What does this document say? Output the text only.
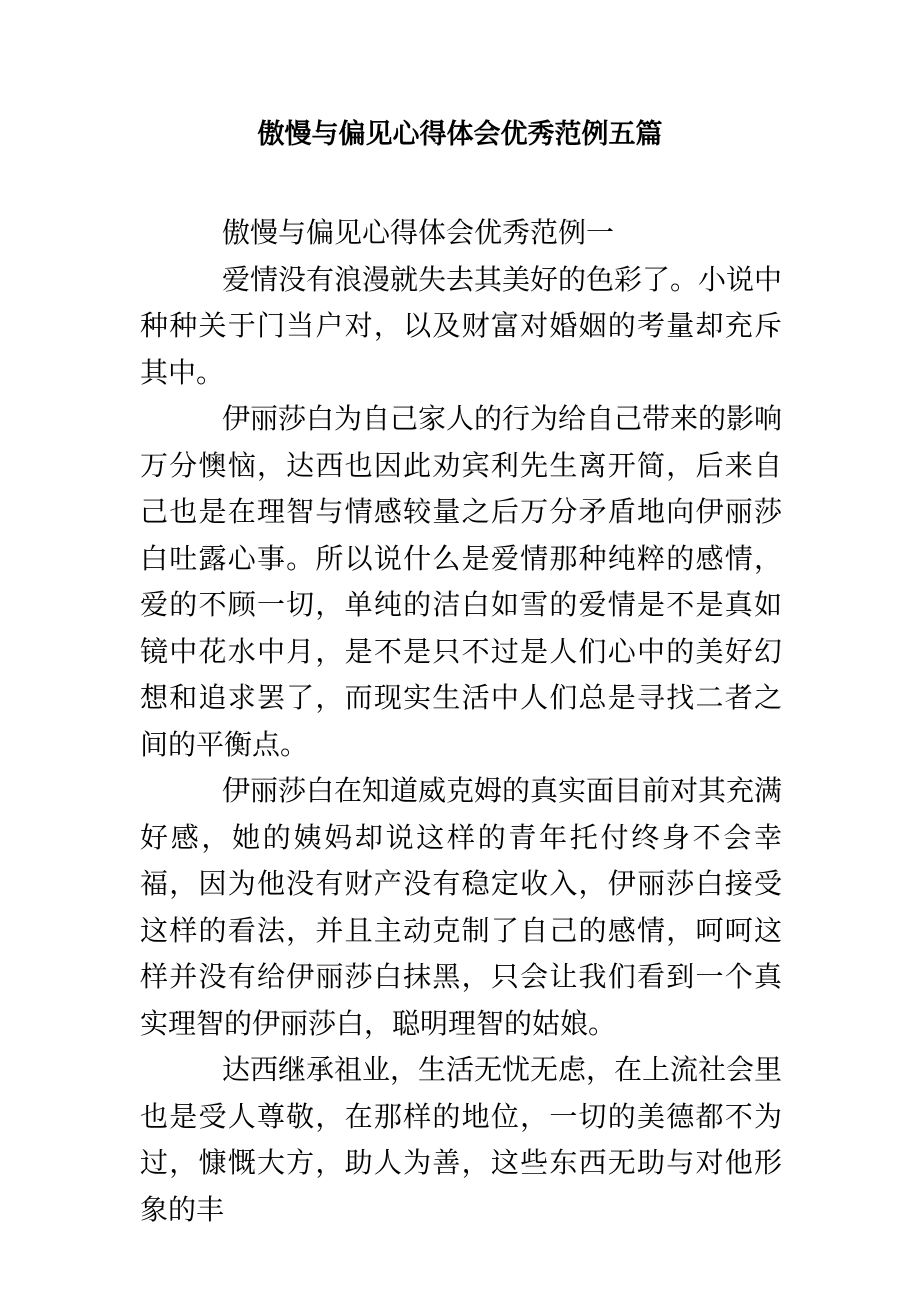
傲慢与偏见心得体会优秀范例五篇

傲慢与偏见心得体会优秀范例一

爱情没有浪漫就失去其美好的色彩了。小说中种种关于门当户对，以及财富对婚姻的考量却充斥其中。

伊丽莎白为自己家人的行为给自己带来的影响万分懊恼，达西也因此劝宾利先生离开简，后来自己也是在理智与情感较量之后万分矛盾地向伊丽莎白吐露心事。所以说什么是爱情那种纯粹的感情，爱的不顾一切，单纯的洁白如雪的爱情是不是真如镜中花水中月，是不是只不过是人们心中的美好幻想和追求罢了，而现实生活中人们总是寻找二者之间的平衡点。

伊丽莎白在知道威克姆的真实面目前对其充满好感，她的姨妈却说这样的青年托付终身不会幸福，因为他没有财产没有稳定收入，伊丽莎白接受这样的看法，并且主动克制了自己的感情，呵呵这样并没有给伊丽莎白抹黑，只会让我们看到一个真实理智的伊丽莎白，聪明理智的姑娘。

达西继承祖业，生活无忧无虑，在上流社会里也是受人尊敬，在那样的地位，一切的美德都不为过，慷慨大方，助人为善，这些东西无助与对他形象的丰
